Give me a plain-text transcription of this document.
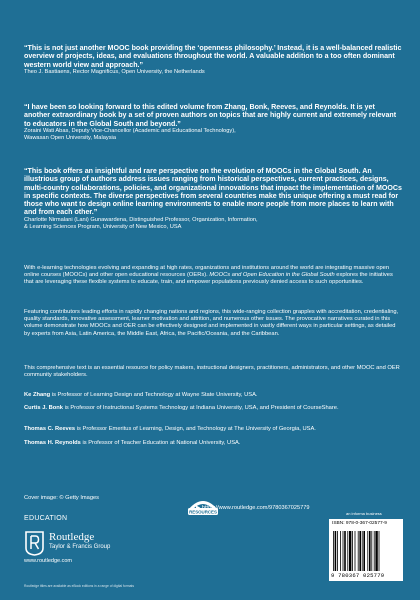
“This is not just another MOOC book providing the ‘openness philosophy.’ Instead, it is a well-balanced realistic overview of projects, ideas, and evaluations throughout the world. A valuable addition to a too often dominant western world view and approach.”
Theo J. Bastiaens, Rector Magnificus, Open University, the Netherlands
“I have been so looking forward to this edited volume from Zhang, Bonk, Reeves, and Reynolds. It is yet another extraordinary book by a set of proven authors on topics that are highly current and extremely relevant to educators in the Global South and beyond.”
Zoraini Wati Abas, Deputy Vice-Chancellor (Academic and Educational Technology),
Wawasan Open University, Malaysia
“This book offers an insightful and rare perspective on the evolution of MOOCs in the Global South. An illustrious group of authors address issues ranging from historical perspectives, current practices, designs, multi-country collaborations, policies, and organizational innovations that impact the implementation of MOOCs in specific contexts. The diverse perspectives from several countries make this unique offering a must read for those who want to design online learning environments to enable more people from more places to learn with and from each other.”
Charlotte Nirmalani (Lani) Gunawardena, Distinguished Professor, Organization, Information,
& Learning Sciences Program, University of New Mexico, USA
With e-learning technologies evolving and expanding at high rates, organizations and institutions around the world are integrating massive open online courses (MOOCs) and other open educational resources (OERs). MOOCs and Open Education in the Global South explores the initiatives that are leveraging these flexible systems to educate, train, and empower populations previously denied access to such opportunities.
Featuring contributors leading efforts in rapidly changing nations and regions, this wide-ranging collection grapples with accreditation, credentialing, quality standards, innovative assessment, learner motivation and attrition, and numerous other issues. The provocative narratives curated in this volume demonstrate how MOOCs and OER can be effectively designed and implemented in vastly different ways in particular settings, as detailed by experts from Asia, Latin America, the Middle East, Africa, the Pacific/Oceania, and the Caribbean.
This comprehensive text is an essential resource for policy makers, instructional designers, practitioners, administrators, and other MOOC and OER community stakeholders.
Ke Zhang is Professor of Learning Design and Technology at Wayne State University, USA.
Curtis J. Bonk is Professor of Instructional Systems Technology at Indiana University, USA, and President of CourseShare.
Thomas C. Reeves is Professor Emeritus of Learning, Design, and Technology at The University of Georgia, USA.
Thomas H. Reynolds is Professor of Teacher Education at National University, USA.
Cover image: © Getty Images
EDUCATION
Routledge
Taylor & Francis Group
www.routledge.com
Routledge titles are available as eBook editions in a range of digital formats
RESOURCES
▶ https://www.routledge.com/9780367025779
an informa business
ISBN: 978-0-367-02577-9
9 780367 025779
